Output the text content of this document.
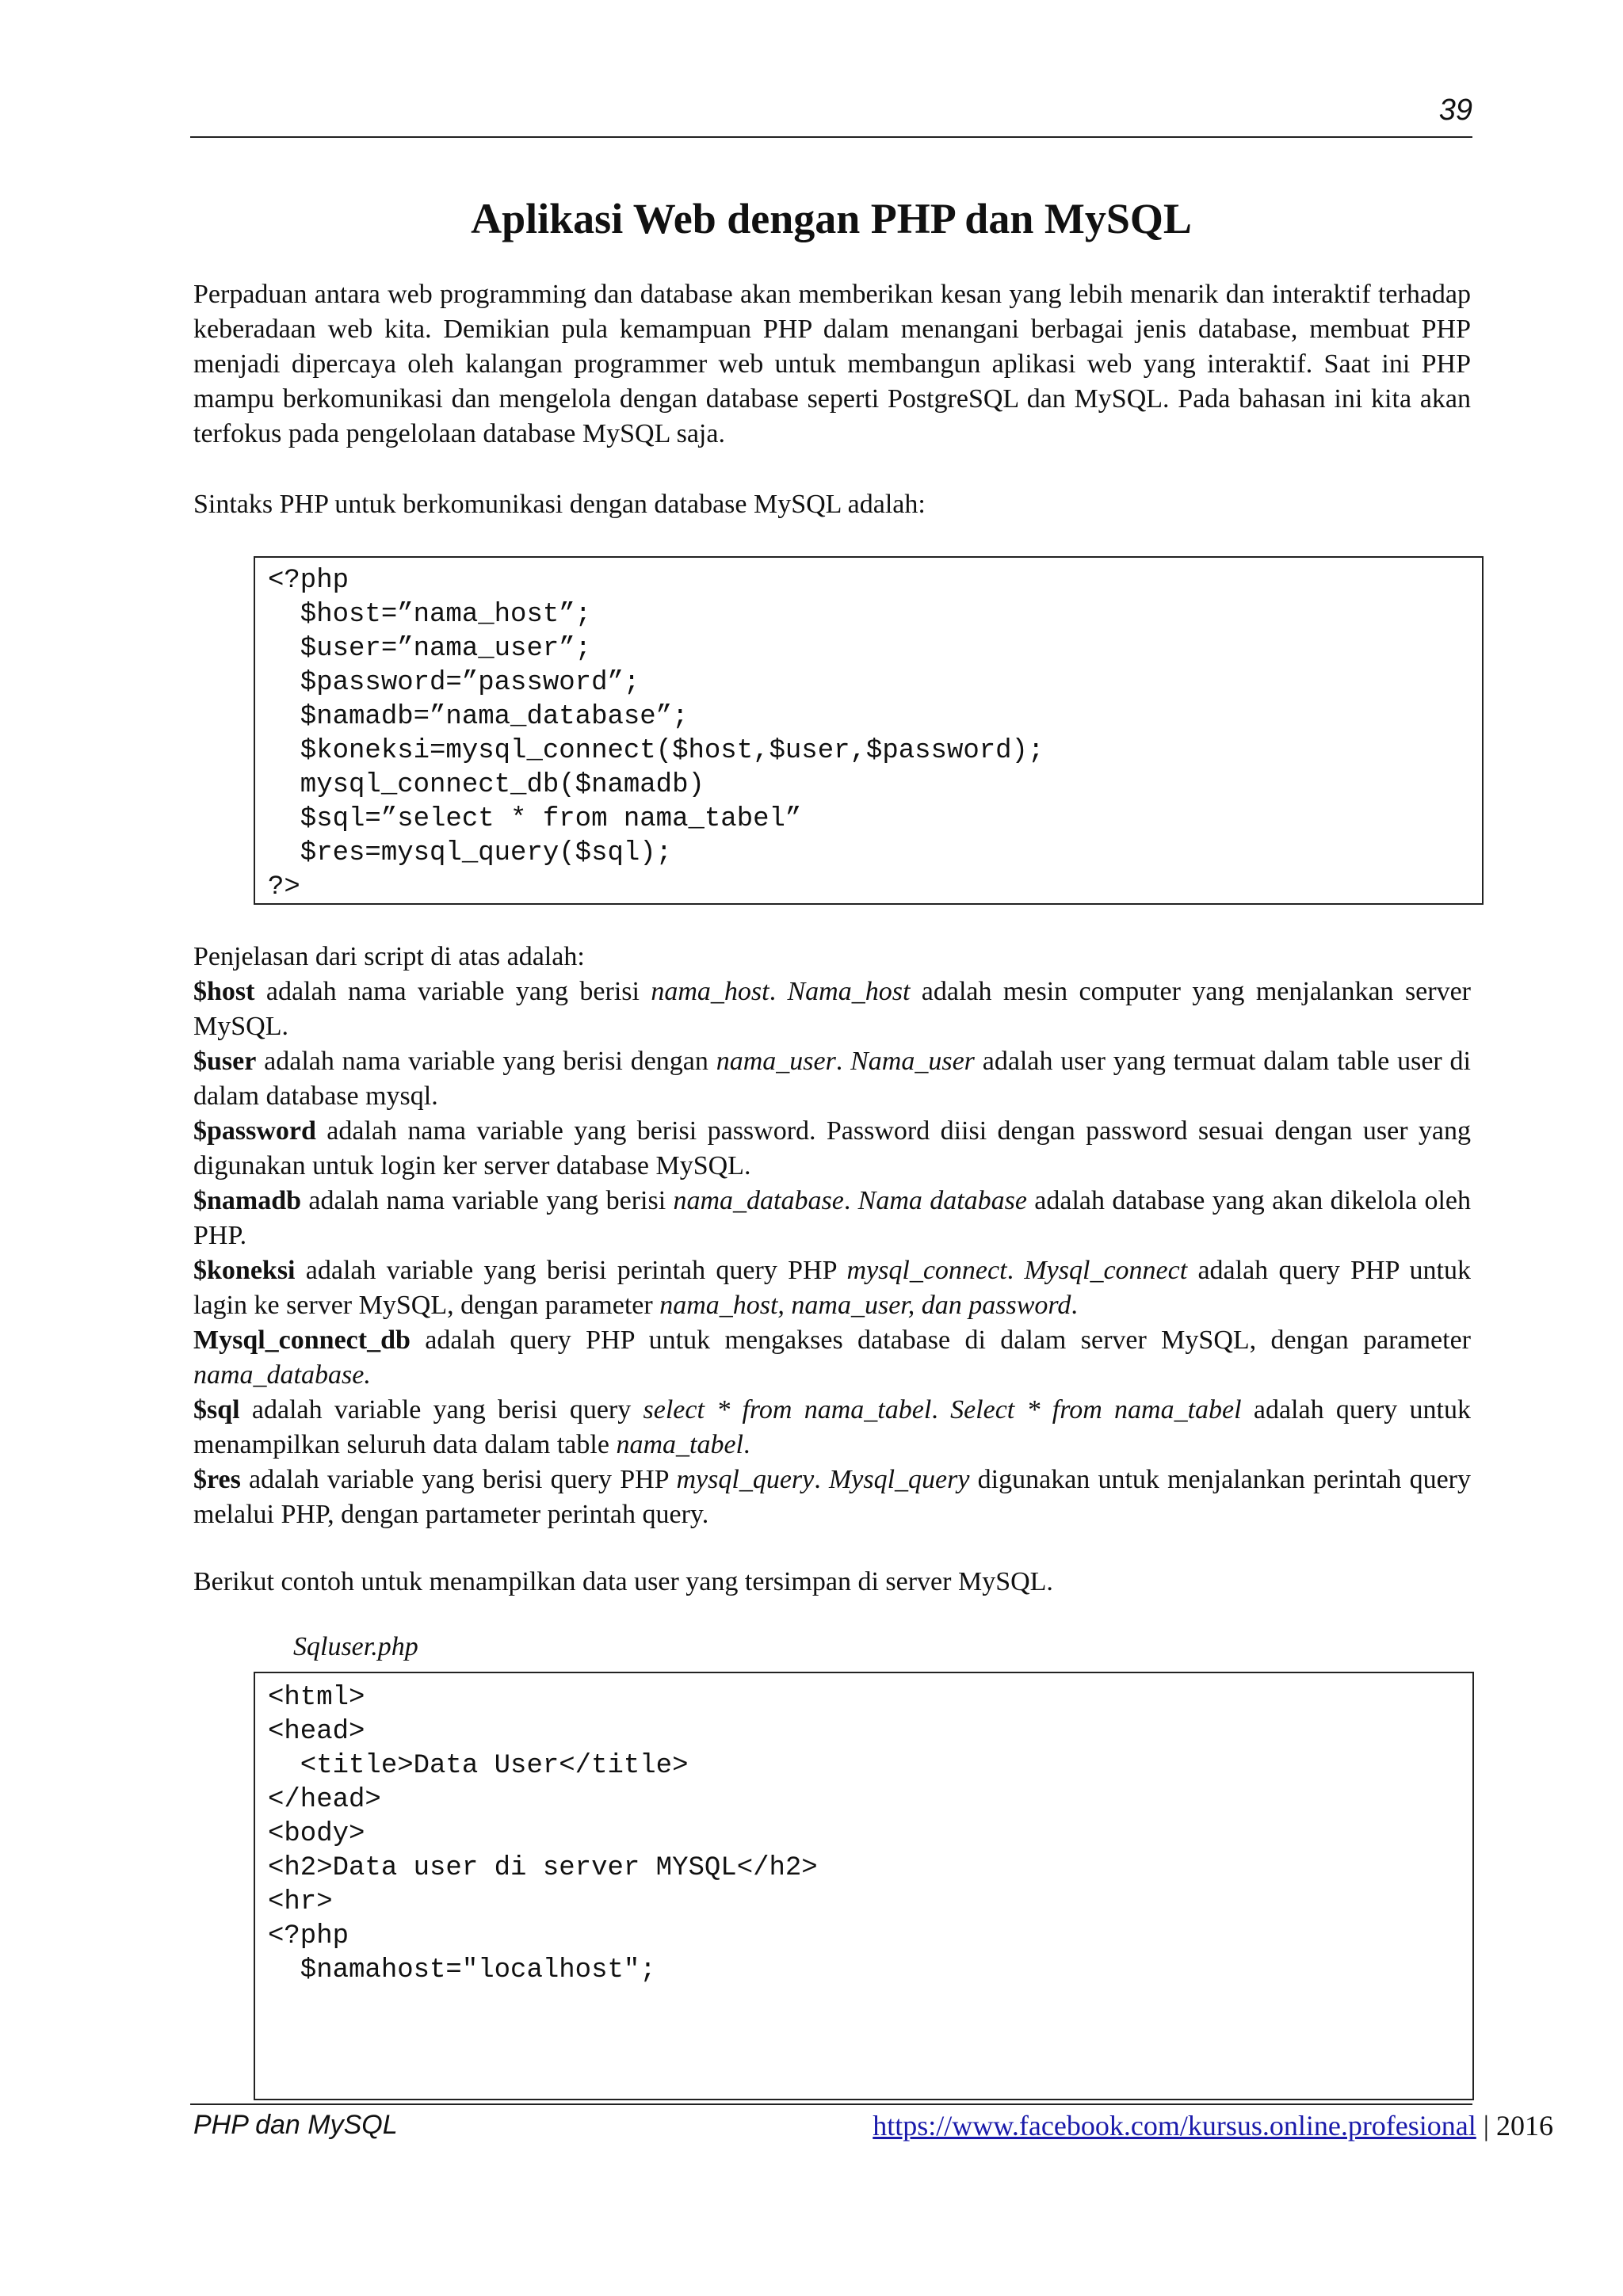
39
Aplikasi Web dengan PHP dan MySQL

Perpaduan antara web programming dan database akan memberikan kesan yang lebih menarik dan interaktif terhadap keberadaan web kita. Demikian pula kemampuan PHP dalam menangani berbagai jenis database, membuat PHP menjadi dipercaya oleh kalangan programmer web untuk membangun aplikasi web yang interaktif. Saat ini PHP mampu berkomunikasi dan mengelola dengan database seperti PostgreSQL dan MySQL. Pada bahasan ini kita akan terfokus pada pengelolaan database MySQL saja.

Sintaks PHP untuk berkomunikasi dengan database MySQL adalah:

<?php

$host=”nama_host”;

$user=”nama_user”;

$password=”password”;

$namadb=”nama_database”;

$koneksi=mysql_connect($host,$user,$password);

mysql_connect_db($namadb)

$sql=”select * from nama_tabel”

$res=mysql_query($sql);

?>

Penjelasan dari script di atas adalah:

$host adalah nama variable yang berisi nama_host. Nama_host adalah mesin computer yang menjalankan server MySQL.
$user adalah nama variable yang berisi dengan nama_user. Nama_user adalah user yang termuat dalam table user di dalam database mysql.
$password adalah nama variable yang berisi password. Password diisi dengan password sesuai dengan user yang digunakan untuk login ker server database MySQL.
$namadb adalah nama variable yang berisi nama_database. Nama database adalah database yang akan dikelola oleh PHP.
$koneksi adalah variable yang berisi perintah query PHP mysql_connect. Mysql_connect adalah query PHP untuk lagin ke server MySQL, dengan parameter nama_host, nama_user, dan password.
Mysql_connect_db adalah query PHP untuk mengakses database di dalam server MySQL, dengan parameter nama_database.
$sql adalah variable yang berisi query select * from nama_tabel. Select * from nama_tabel adalah query untuk menampilkan seluruh data dalam table nama_tabel.
$res adalah variable yang berisi query PHP mysql_query. Mysql_query digunakan untuk menjalankan perintah query melalui PHP, dengan partameter perintah query.

Berikut contoh untuk menampilkan data user yang tersimpan di server MySQL.

Sqluser.php

<html>

<head>

<title>Data User</title>

</head>

<body>

<h2>Data user di server MYSQL</h2>

<hr>

<?php

$namahost="localhost";

PHP dan MySQL	https://www.facebook.com/kursus.online.profesional | 2016
